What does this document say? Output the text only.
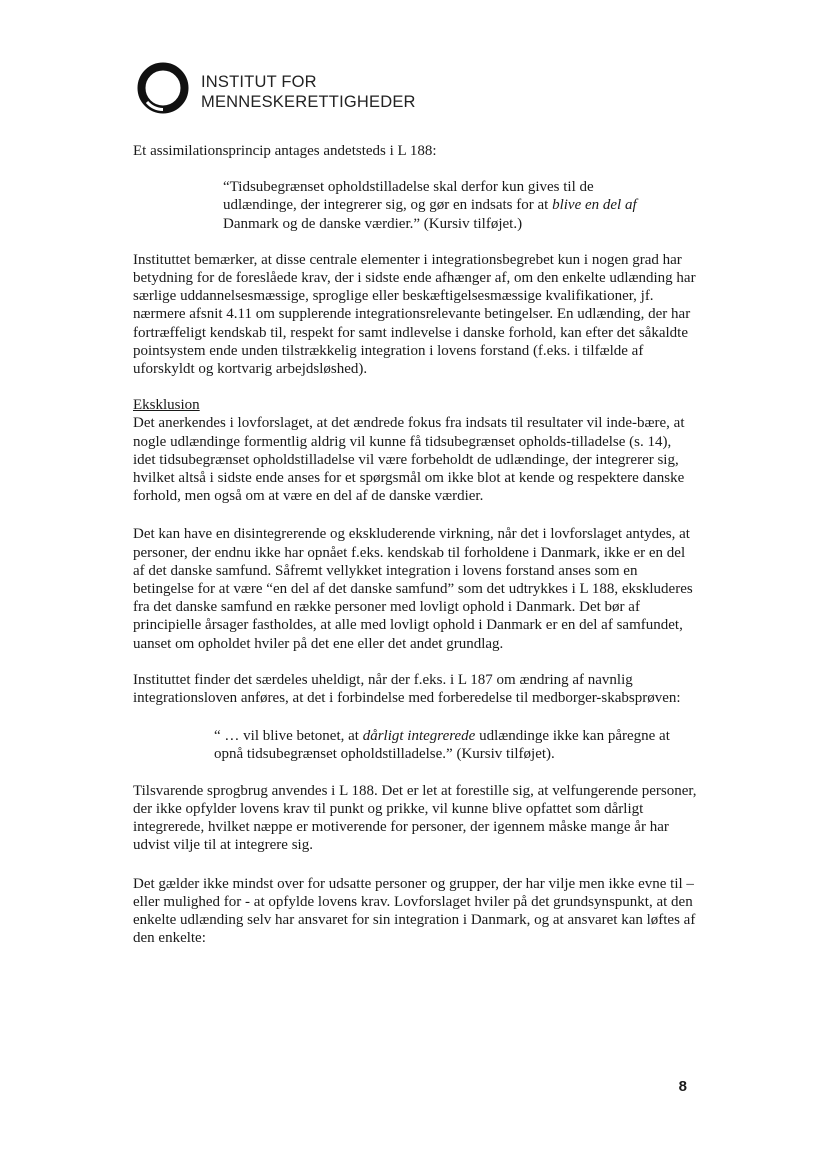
INSTITUT FOR
MENNESKERETTIGHEDER

Et assimilationsprincip antages andetsteds i L 188:

“Tidsubegrænset opholdstilladelse skal derfor kun gives til de udlændinge, der integrerer sig, og gør en indsats for at blive en del af Danmark og de danske værdier.” (Kursiv tilføjet.)

Instituttet bemærker, at disse centrale elementer i integrationsbegrebet kun i nogen grad har betydning for de foreslåede krav, der i sidste ende afhænger af, om den enkelte udlænding har særlige uddannelsesmæssige, sproglige eller beskæftigelsesmæssige kvalifikationer, jf. nærmere afsnit 4.11 om supplerende integrationsrelevante betingelser. En udlænding, der har fortræffeligt kendskab til, respekt for samt indlevelse i danske forhold, kan efter det såkaldte pointsystem ende unden tilstrækkelig integration i lovens forstand (f.eks. i tilfælde af uforskyldt og kortvarig arbejdsløshed).

Eksklusion

Det anerkendes i lovforslaget, at det ændrede fokus fra indsats til resultater vil inde-bære, at nogle udlændinge formentlig aldrig vil kunne få tidsubegrænset opholds-tilladelse (s. 14), idet tidsubegrænset opholdstilladelse vil være forbeholdt de udlændinge, der integrerer sig, hvilket altså i sidste ende anses for et spørgsmål om ikke blot at kende og respektere danske forhold, men også om at være en del af de danske værdier.

Det kan have en disintegrerende og ekskluderende virkning, når det i lovforslaget antydes, at personer, der endnu ikke har opnået f.eks. kendskab til forholdene i Danmark, ikke er en del af det danske samfund. Såfremt vellykket integration i lovens forstand anses som en betingelse for at være “en del af det danske samfund” som det udtrykkes i L 188, ekskluderes fra det danske samfund en række personer med lovligt ophold i Danmark. Det bør af principielle årsager fastholdes, at alle med lovligt ophold i Danmark er en del af samfundet, uanset om opholdet hviler på det ene eller det andet grundlag.

Instituttet finder det særdeles uheldigt, når der f.eks. i L 187 om ændring af navnlig integrationsloven anføres, at det i forbindelse med forberedelse til medborger-skabsprøven:

“ … vil blive betonet, at dårligt integrerede udlændinge ikke kan påregne at opnå tidsubegrænset opholdstilladelse.” (Kursiv tilføjet).

Tilsvarende sprogbrug anvendes i L 188. Det er let at forestille sig, at velfungerende personer, der ikke opfylder lovens krav til punkt og prikke, vil kunne blive opfattet som dårligt integrerede, hvilket næppe er motiverende for personer, der igennem måske mange år har udvist vilje til at integrere sig.

Det gælder ikke mindst over for udsatte personer og grupper, der har vilje men ikke evne til – eller mulighed for - at opfylde lovens krav. Lovforslaget hviler på det grundsynspunkt, at den enkelte udlænding selv har ansvaret for sin integration i Danmark, og at ansvaret kan løftes af den enkelte:

8
